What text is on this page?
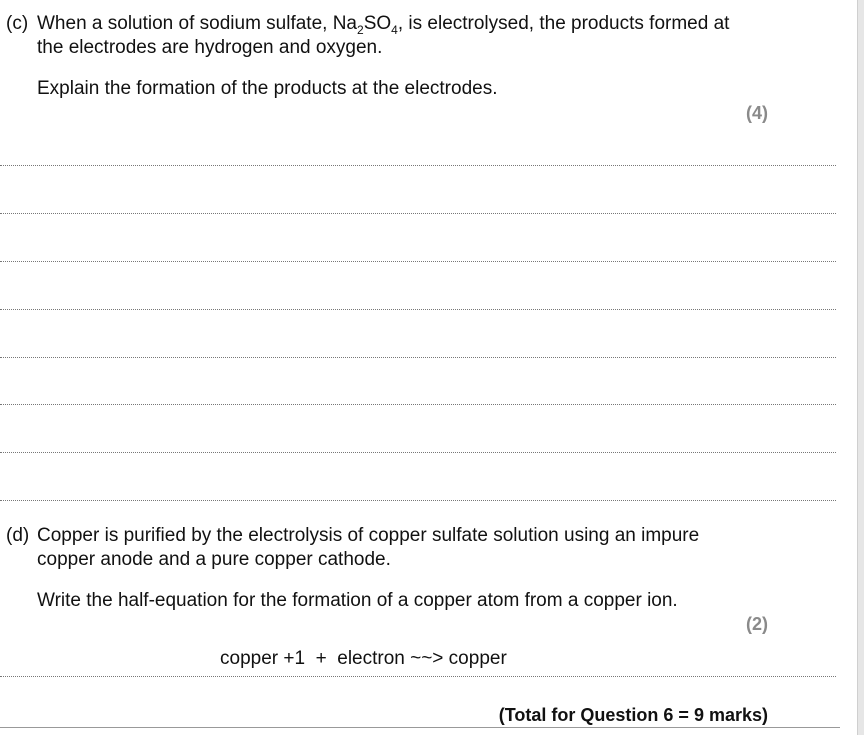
(c) When a solution of sodium sulfate, $Na_2SO_4$, is electrolysed, the products formed at
the electrodes are hydrogen and oxygen.
Explain the formation of the products at the electrodes.
(4)
(d) Copper is purified by the electrolysis of copper sulfate solution using an impure
copper anode and a pure copper cathode.
Write the half-equation for the formation of a copper atom from a copper ion.
(2)
copper +1  +  electron ~~> copper
(Total for Question 6 = 9 marks)
